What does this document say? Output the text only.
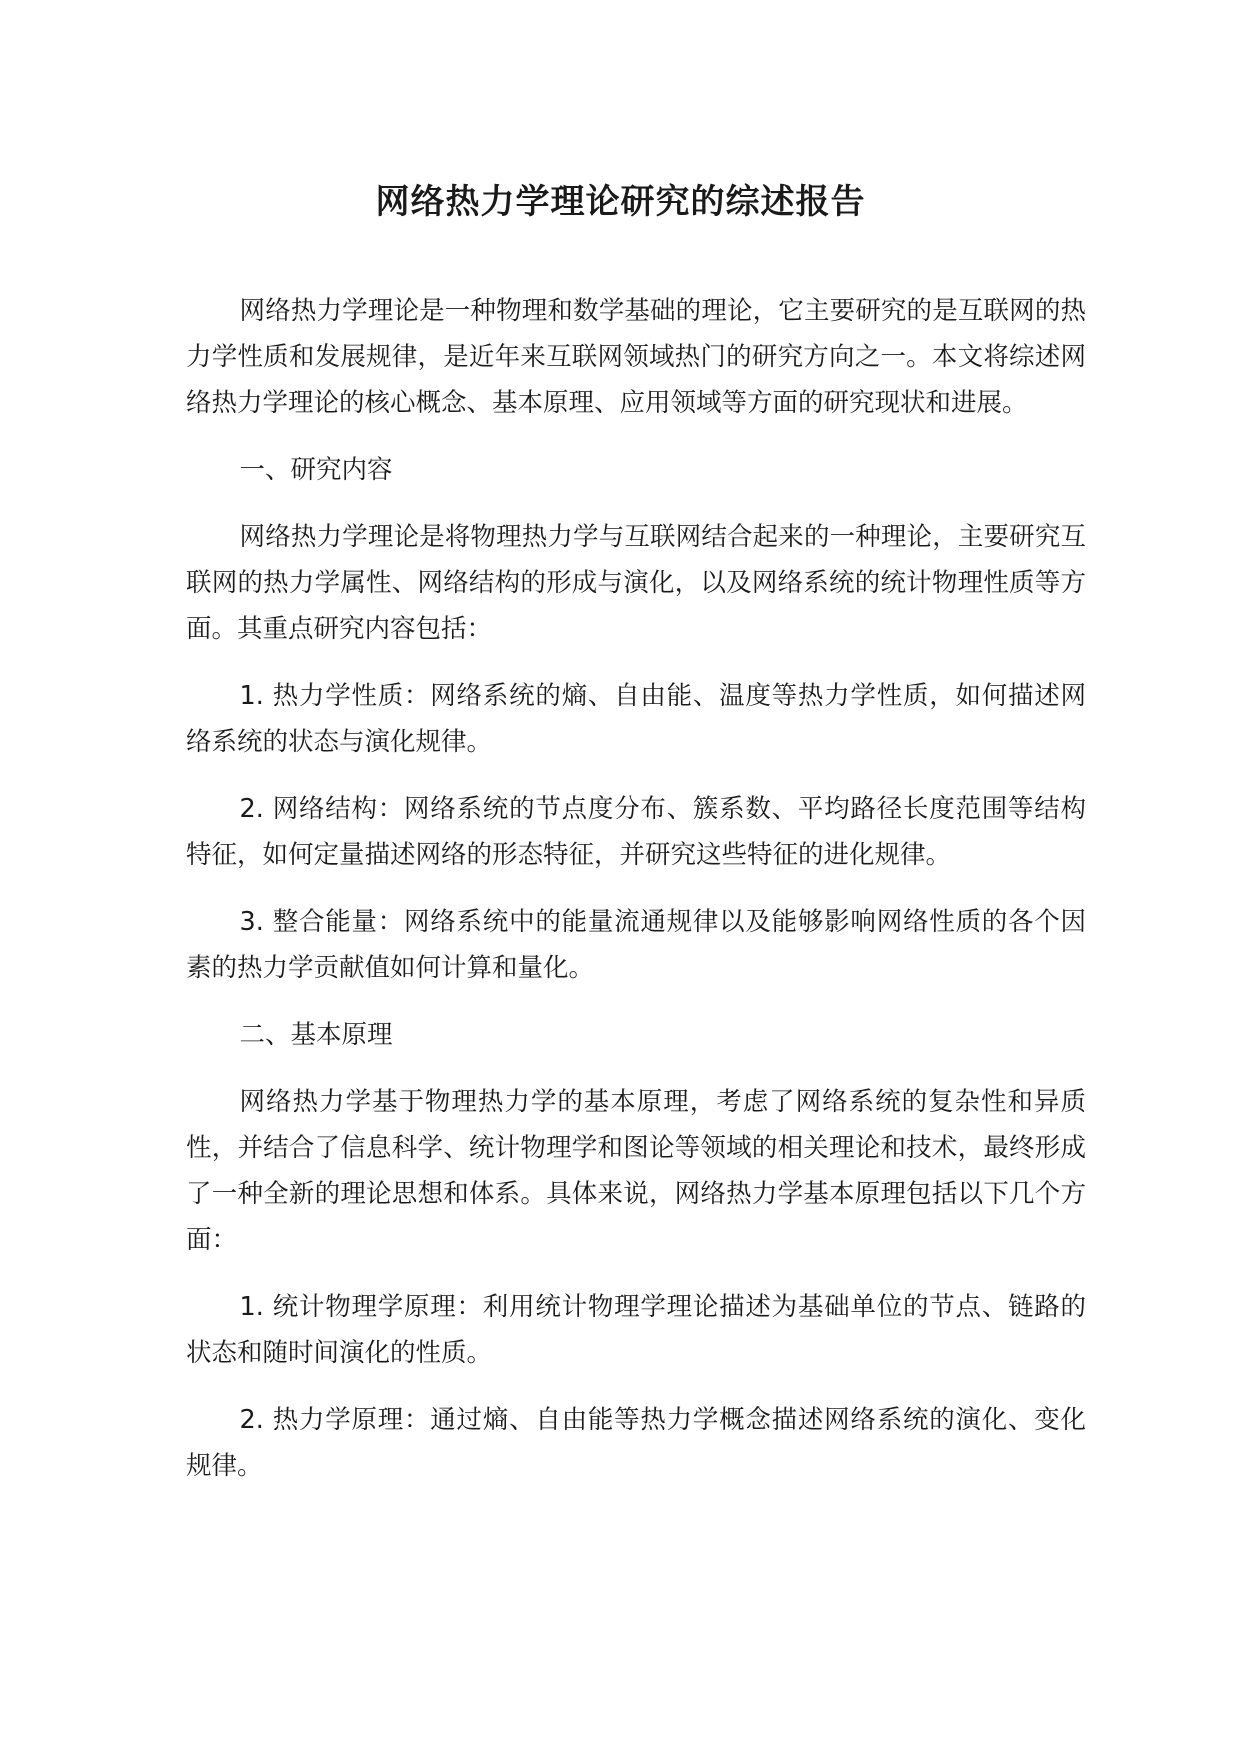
网络热力学理论研究的综述报告

网络热力学理论是一种物理和数学基础的理论，它主要研究的是互联网的热力学性质和发展规律，是近年来互联网领域热门的研究方向之一。本文将综述网络热力学理论的核心概念、基本原理、应用领域等方面的研究现状和进展。

一、研究内容

网络热力学理论是将物理热力学与互联网结合起来的一种理论，主要研究互联网的热力学属性、网络结构的形成与演化，以及网络系统的统计物理性质等方面。其重点研究内容包括：

1. 热力学性质：网络系统的熵、自由能、温度等热力学性质，如何描述网络系统的状态与演化规律。

2. 网络结构：网络系统的节点度分布、簇系数、平均路径长度范围等结构特征，如何定量描述网络的形态特征，并研究这些特征的进化规律。

3. 整合能量：网络系统中的能量流通规律以及能够影响网络性质的各个因素的热力学贡献值如何计算和量化。

二、基本原理

网络热力学基于物理热力学的基本原理，考虑了网络系统的复杂性和异质性，并结合了信息科学、统计物理学和图论等领域的相关理论和技术，最终形成了一种全新的理论思想和体系。具体来说，网络热力学基本原理包括以下几个方面：

1. 统计物理学原理：利用统计物理学理论描述为基础单位的节点、链路的状态和随时间演化的性质。

2. 热力学原理：通过熵、自由能等热力学概念描述网络系统的演化、变化规律。
